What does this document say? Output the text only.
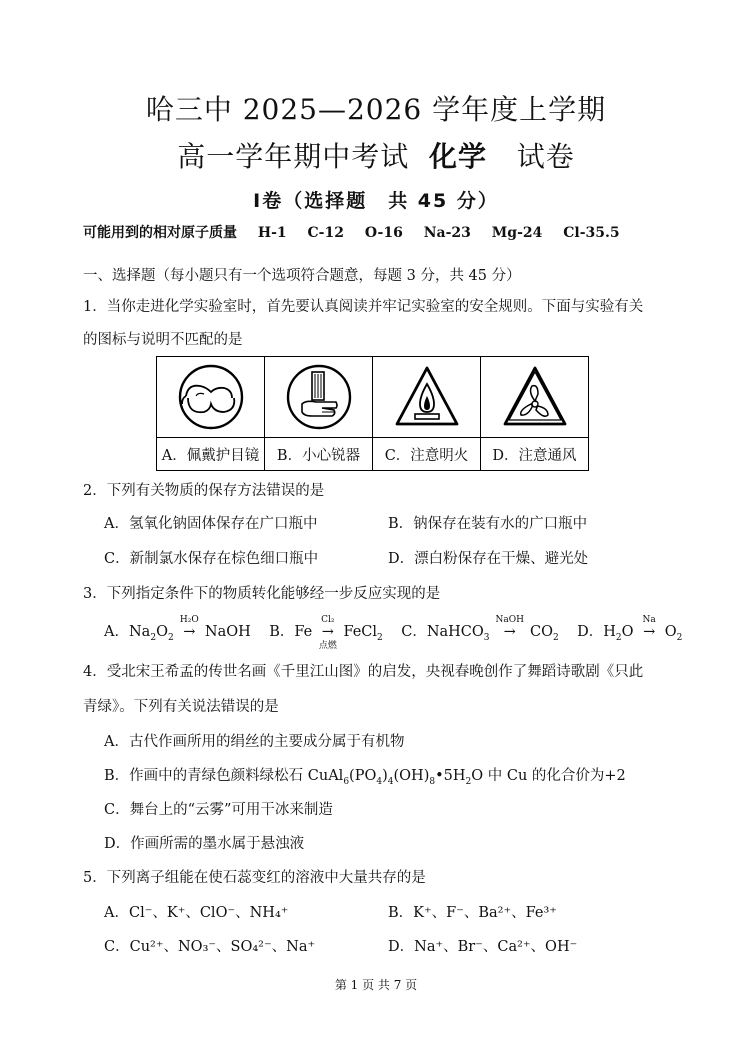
哈三中 2025—2026 学年度上学期
高一学年期中考试 化学 试卷
Ⅰ卷（选择题　共 45 分）
可能用到的相对原子质量 H-1 C-12 O-16 Na-23 Mg-24 Cl-35.5
一、选择题（每小题只有一个选项符合题意，每题 3 分，共 45 分）
1．当你走进化学实验室时，首先要认真阅读并牢记实验室的安全规则。下面与实验有关
的图标与说明不匹配的是

A．佩戴护目镜	B．小心锐器	C．注意明火	D．注意通风
2．下列有关物质的保存方法错误的是
A．氢氧化钠固体保存在广口瓶中	B．钠保存在装有水的广口瓶中
C．新制氯水保存在棕色细口瓶中	D．漂白粉保存在干燥、避光处
3．下列指定条件下的物质转化能够经一步反应实现的是
A．$Na_2O_2$
H₂O
→ NaOH B．Fe
Cl₂
→
点燃
FeCl$_2$ C．NaHCO$_3$
NaOH
→ $CO_2$ D．$H_2O$
Na
→ $O_2$
4．受北宋王希孟的传世名画《千里江山图》的启发，央视春晚创作了舞蹈诗歌剧《只此
青绿》。下列有关说法错误的是
A．古代作画所用的绢丝的主要成分属于有机物
B．作画中的青绿色颜料绿松石 $CuAl_6(PO_4)_4(OH)_8•5H_2O$ 中 Cu 的化合价为+2
C．舞台上的“云雾”可用干冰来制造
D．作画所需的墨水属于悬浊液
5．下列离子组能在使石蕊变红的溶液中大量共存的是
A．Cl⁻、K⁺、ClO⁻、NH₄⁺	B．K⁺、F⁻、Ba²⁺、Fe³⁺
C．Cu²⁺、NO₃⁻、SO₄²⁻、Na⁺	D．Na⁺、Br⁻、Ca²⁺、OH⁻
第 1 页 共 7 页
